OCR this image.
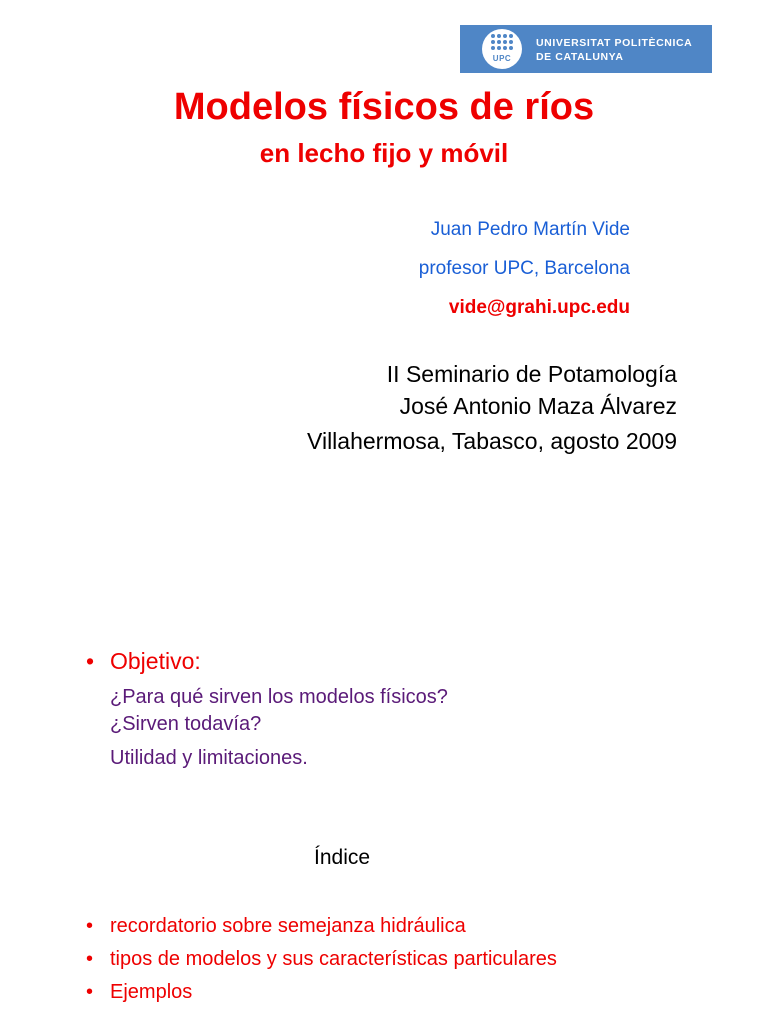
UPC
UNIVERSITAT POLITÈCNICA
DE CATALUNYA
Modelos físicos de ríos
en lecho fijo y móvil
Juan Pedro Martín Vide
profesor UPC, Barcelona
vide@grahi.upc.edu
II Seminario de Potamología
José Antonio Maza Álvarez
Villahermosa, Tabasco, agosto 2009
• Objetivo:
¿Para qué sirven los modelos físicos?
¿Sirven todavía?
Utilidad y limitaciones.
Índice
• recordatorio sobre semejanza hidráulica
• tipos de modelos y sus características particulares
• Ejemplos
